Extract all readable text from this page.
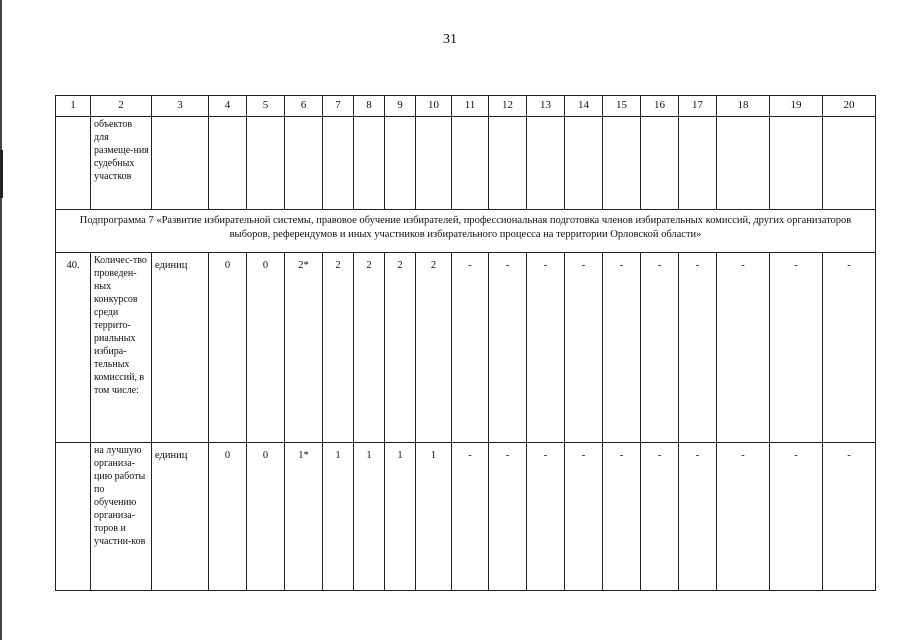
31
1	2	3	4	5	6	7	8	9	10	11	12	13	14	15	16	17	18	19	20
	объектов для размеще-ния судебных участков																		
Подпрограмма 7 «Развитие избирательной системы, правовое обучение избирателей, профессиональная подготовка членов избирательных комиссий, других организаторов выборов, референдумов и иных участников избирательного процесса на территории Орловской области»																			
40.	Количес-тво проведен-ных конкурсов среди террито-риальных избира-тельных комиссий, в том числе:	единиц	0	0	2*	2	2	2	2	-	-	-	-	-	-	-	-	-	-
	на лучшую организа-цию работы по обучению организа-торов и участни-ков	единиц	0	0	1*	1	1	1	1	-	-	-	-	-	-	-	-	-	-
